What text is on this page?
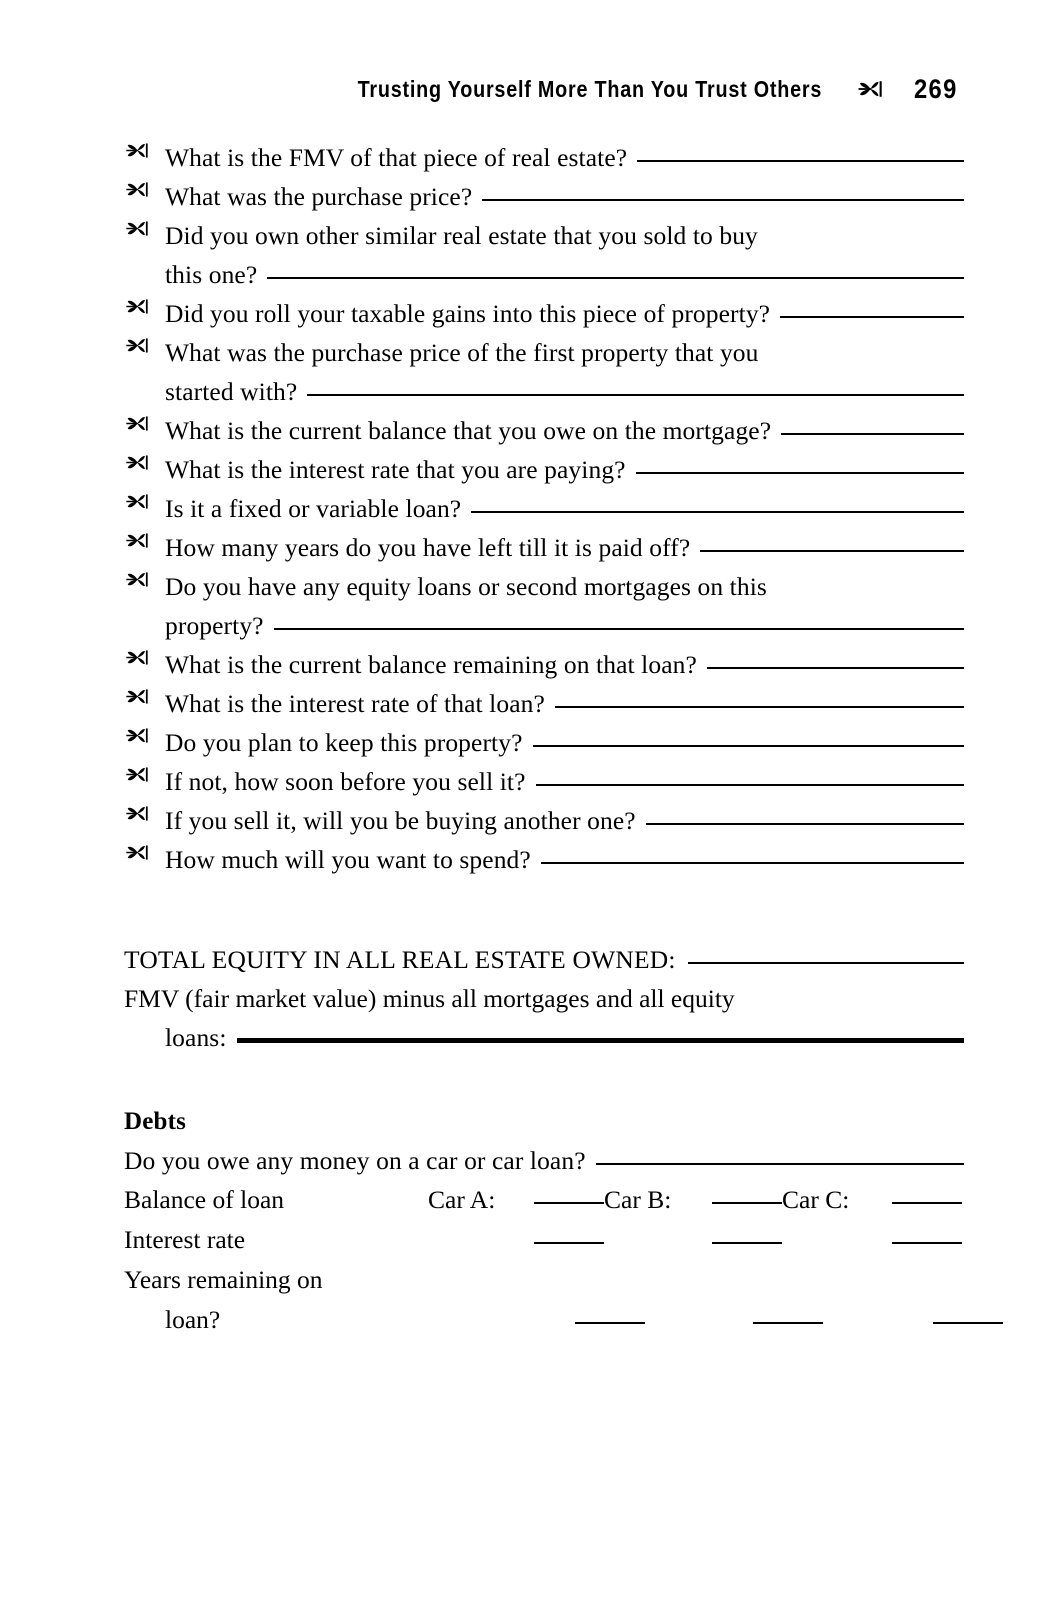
Trusting Yourself More Than You Trust Others	269
What is the FMV of that piece of real estate?
What was the purchase price?
Did you own other similar real estate that you sold to buy
this one?
Did you roll your taxable gains into this piece of property?
What was the purchase price of the first property that you
started with?
What is the current balance that you owe on the mortgage?
What is the interest rate that you are paying?
Is it a fixed or variable loan?
How many years do you have left till it is paid off?
Do you have any equity loans or second mortgages on this
property?
What is the current balance remaining on that loan?
What is the interest rate of that loan?
Do you plan to keep this property?
If not, how soon before you sell it?
If you sell it, will you be buying another one?
How much will you want to spend?
TOTAL EQUITY IN ALL REAL ESTATE OWNED:
FMV (fair market value) minus all mortgages and all equity
loans:
Debts
Do you owe any money on a car or car loan?
Balance of loan	Car A:	Car B:	Car C:
Interest rate
Years remaining on
loan?
